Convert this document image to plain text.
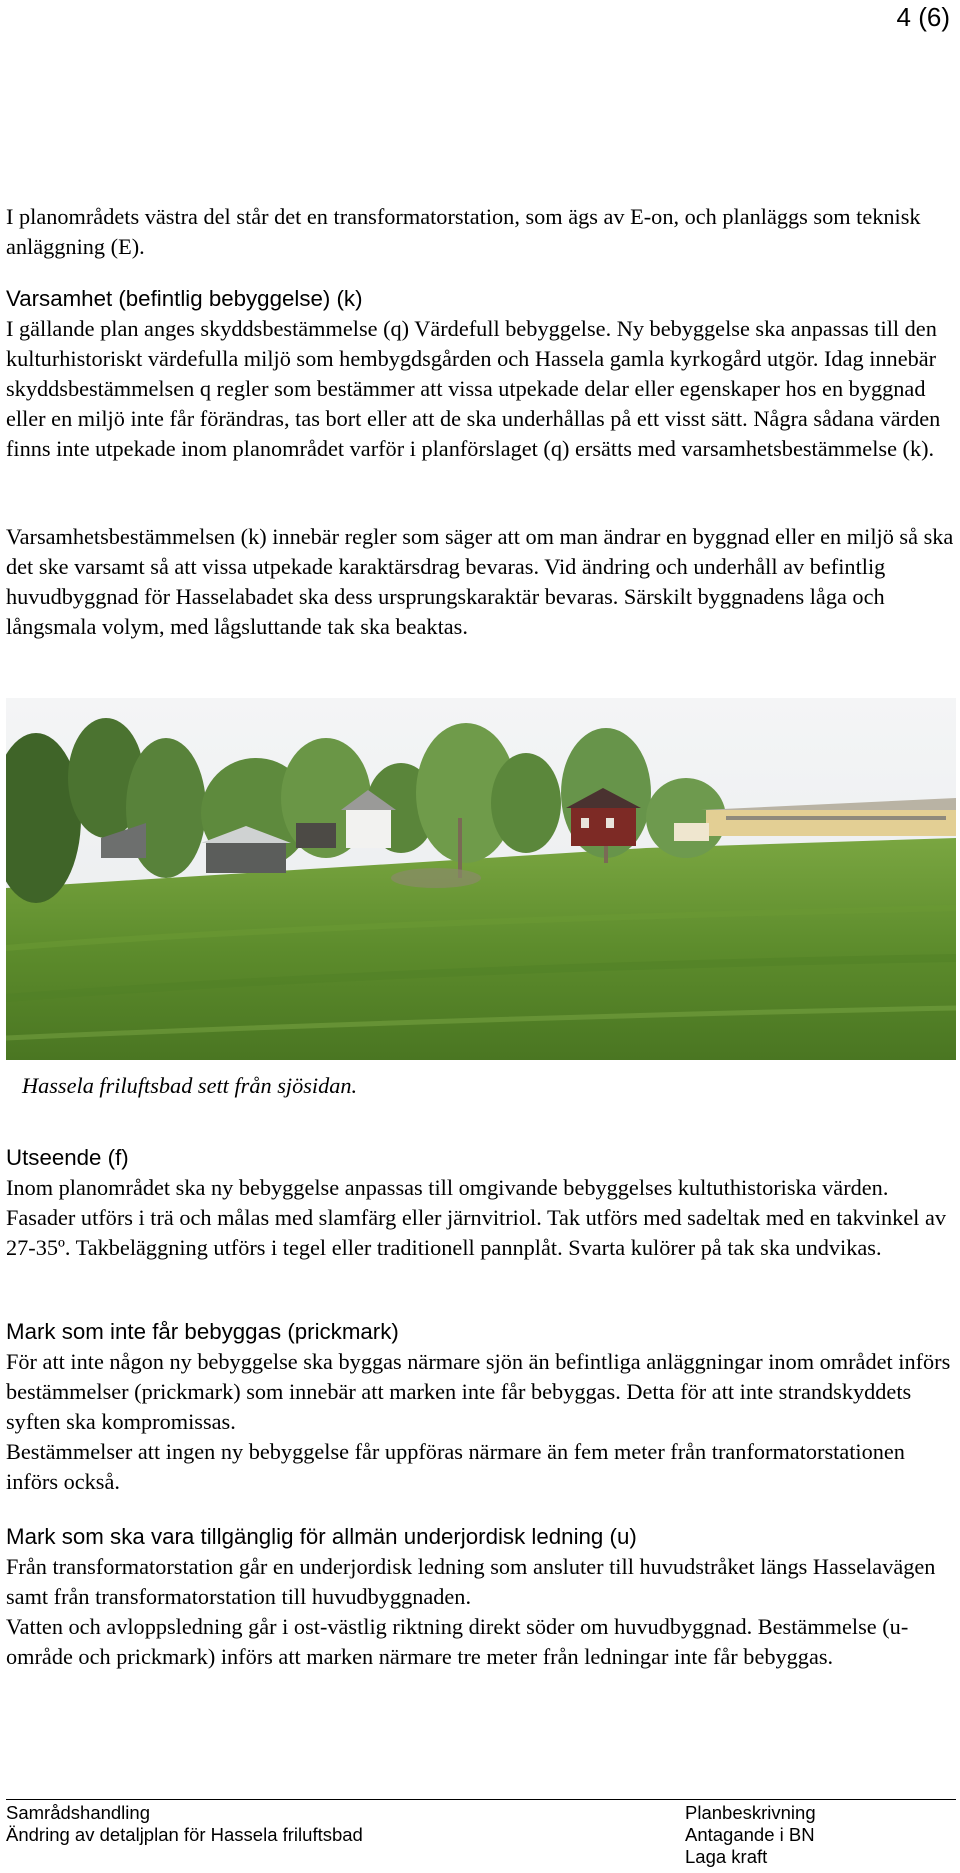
4 (6)

I planområdets västra del står det en transformatorstation, som ägs av E-on, och planläggs som teknisk anläggning (E).

Varsamhet (befintlig bebyggelse) (k)

I gällande plan anges skyddsbestämmelse (q) Värdefull bebyggelse. Ny bebyggelse ska anpassas till den kulturhistoriskt värdefulla miljö som hembygdsgården och Hassela gamla kyrkogård utgör. Idag innebär skyddsbestämmelsen q regler som bestämmer att vissa utpekade delar eller egenskaper hos en byggnad eller en miljö inte får förändras, tas bort eller att de ska underhållas på ett visst sätt. Några sådana värden finns inte utpekade inom planområdet varför i planförslaget (q) ersätts med varsamhetsbestämmelse (k).

Varsamhetsbestämmelsen (k) innebär regler som säger att om man ändrar en byggnad eller en miljö så ska det ske varsamt så att vissa utpekade karaktärsdrag bevaras. Vid ändring och underhåll av befintlig huvudbyggnad för Hasselabadet ska dess ursprungskaraktär bevaras. Särskilt byggnadens låga och långsmala volym, med lågsluttande tak ska beaktas.

Hassela friluftsbad sett från sjösidan.

Utseende (f)

Inom planområdet ska ny bebyggelse anpassas till omgivande bebyggelses kultuthistoriska värden. Fasader utförs i trä och målas med slamfärg eller järnvitriol. Tak utförs med sadeltak med en takvinkel av 27-35º. Takbeläggning utförs i tegel eller traditionell pannplåt. Svarta kulörer på tak ska undvikas.

Mark som inte får bebyggas (prickmark)

För att inte någon ny bebyggelse ska byggas närmare sjön än befintliga anläggningar inom området införs bestämmelser (prickmark) som innebär att marken inte får bebyggas. Detta för att inte strandskyddets syften ska kompromissas.

Bestämmelser att ingen ny bebyggelse får uppföras närmare än fem meter från tranformatorstationen införs också.

Mark som ska vara tillgänglig för allmän underjordisk ledning (u)

Från transformatorstation går en underjordisk ledning som ansluter till huvudstråket längs Hasselavägen samt från transformatorstation till huvudbyggnaden.

Vatten och avloppsledning går i ost-västlig riktning direkt söder om huvudbyggnad. Bestämmelse (u-område och prickmark) införs att marken närmare tre meter från ledningar inte får bebyggas.

Samrådshandling
Ändring av detaljplan för Hassela friluftsbad
Planbeskrivning
Antagande i BN
Laga kraft
